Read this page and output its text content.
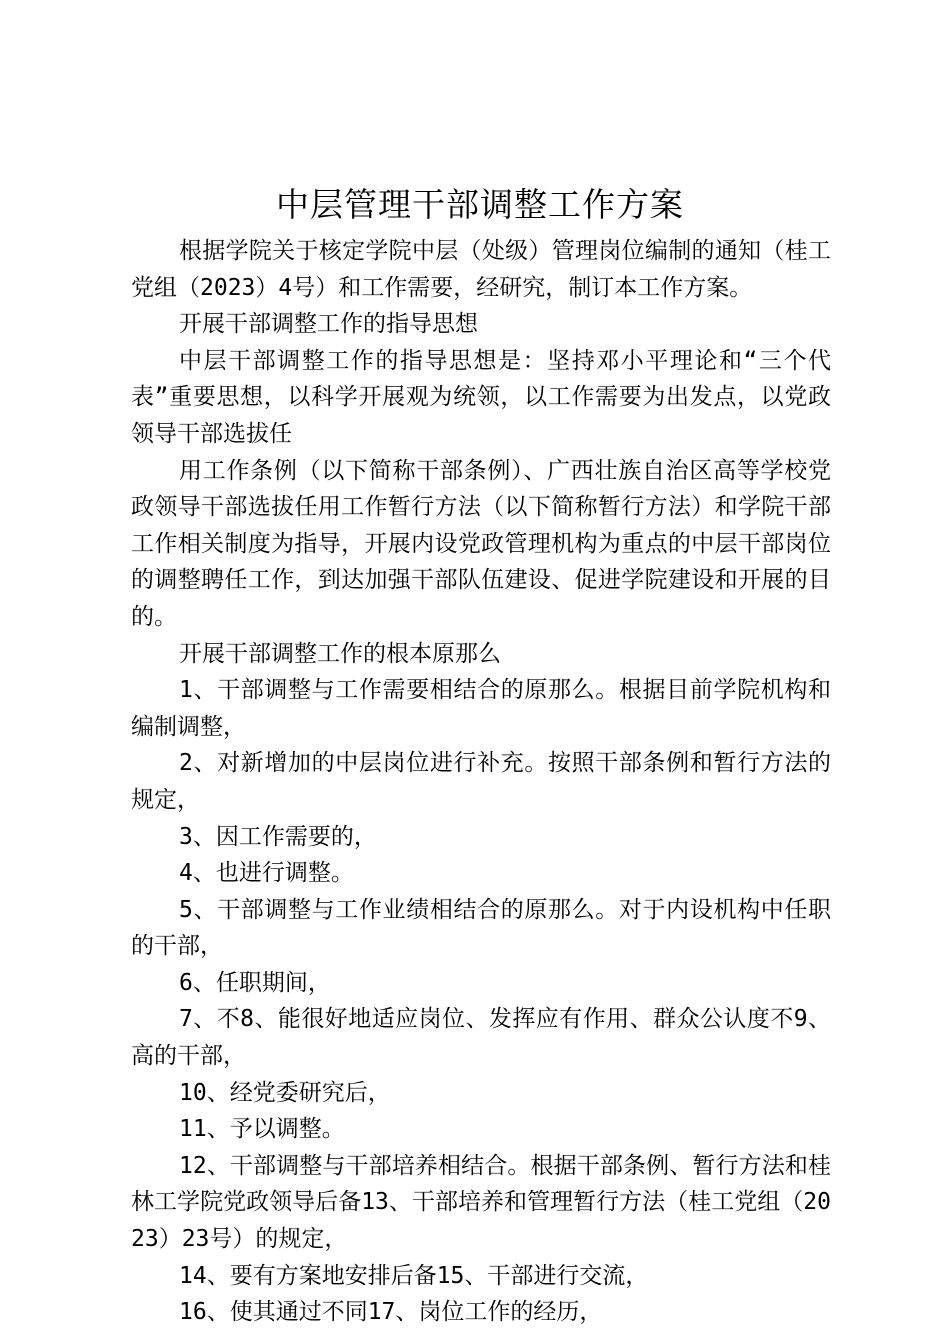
中层管理干部调整工作方案

根据学院关于核定学院中层（处级）管理岗位编制的通知（桂工党组（2023）4号）和工作需要，经研究，制订本工作方案。

开展干部调整工作的指导思想

中层干部调整工作的指导思想是：坚持邓小平理论和“三个代表”重要思想，以科学开展观为统领，以工作需要为出发点，以党政领导干部选拔任

用工作条例（以下简称干部条例）、广西壮族自治区高等学校党政领导干部选拔任用工作暂行方法（以下简称暂行方法）和学院干部工作相关制度为指导，开展内设党政管理机构为重点的中层干部岗位的调整聘任工作，到达加强干部队伍建设、促进学院建设和开展的目的。

开展干部调整工作的根本原那么

1、干部调整与工作需要相结合的原那么。根据目前学院机构和编制调整，

2、对新增加的中层岗位进行补充。按照干部条例和暂行方法的规定，

3、因工作需要的，

4、也进行调整。

5、干部调整与工作业绩相结合的原那么。对于内设机构中任职的干部，

6、任职期间，

7、不8、能很好地适应岗位、发挥应有作用、群众公认度不9、高的干部，

10、经党委研究后，

11、予以调整。

12、干部调整与干部培养相结合。根据干部条例、暂行方法和桂林工学院党政领导后备13、干部培养和管理暂行方法（桂工党组（2023）23号）的规定，

14、要有方案地安排后备15、干部进行交流，

16、使其通过不同17、岗位工作的经历，
